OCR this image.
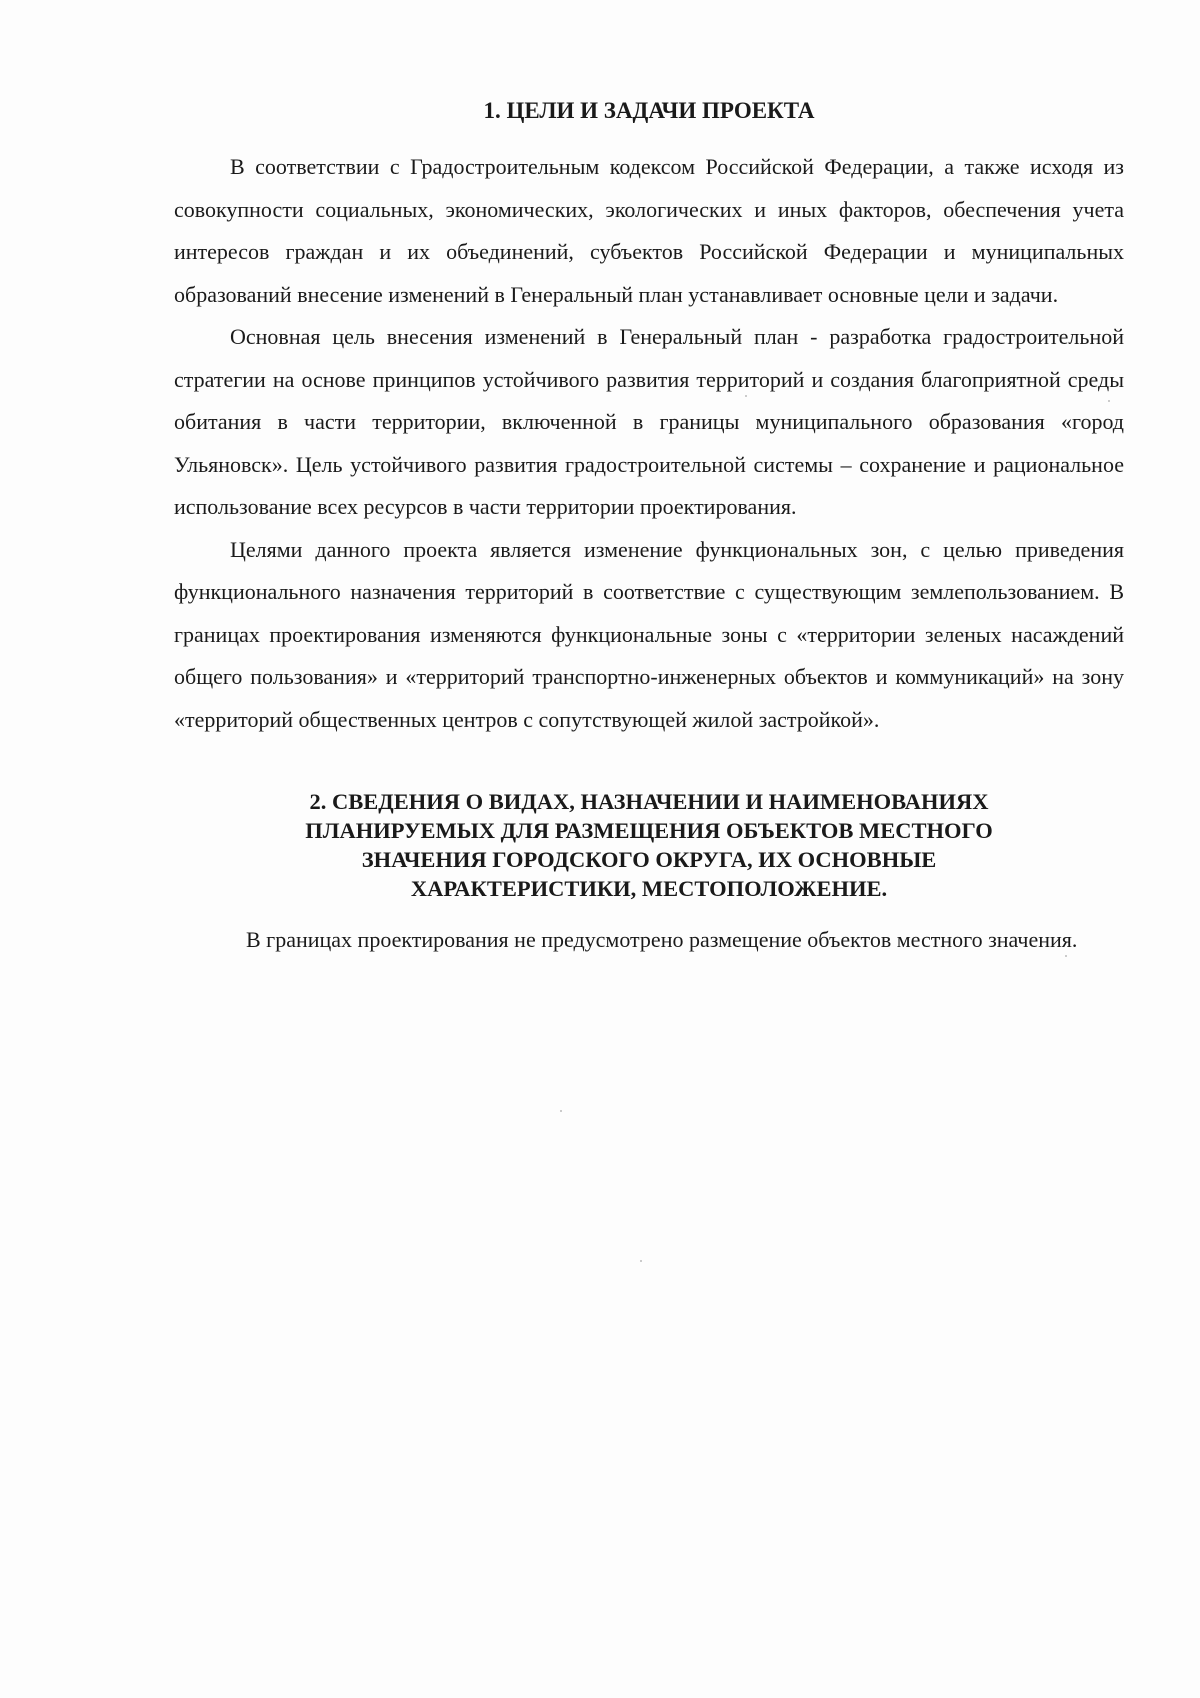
1. ЦЕЛИ И ЗАДАЧИ ПРОЕКТА

В соответствии с Градостроительным кодексом Российской Федерации, а также исходя из совокупности социальных, экономических, экологических и иных факторов, обеспечения учета интересов граждан и их объединений, субъектов Российской Федерации и муниципальных образований внесение изменений в Генеральный план устанавливает основные цели и задачи.

Основная цель внесения изменений в Генеральный план - разработка градостроительной стратегии на основе принципов устойчивого развития территорий и создания благоприятной среды обитания в части территории, включенной в границы муниципального образования «город Ульяновск». Цель устойчивого развития градостроительной системы – сохранение и рациональное использование всех ресурсов в части территории проектирования.

Целями данного проекта является изменение функциональных зон, с целью приведения функционального назначения территорий в соответствие с существующим землепользованием. В границах проектирования изменяются функциональные зоны с «территории зеленых насаждений общего пользования» и «территорий транспортно-инженерных объектов и коммуникаций» на зону «территорий общественных центров с сопутствующей жилой застройкой».

2. СВЕДЕНИЯ О ВИДАХ, НАЗНАЧЕНИИ И НАИМЕНОВАНИЯХ
ПЛАНИРУЕМЫХ ДЛЯ РАЗМЕЩЕНИЯ ОБЪЕКТОВ МЕСТНОГО
ЗНАЧЕНИЯ ГОРОДСКОГО ОКРУГА, ИХ ОСНОВНЫЕ
ХАРАКТЕРИСТИКИ, МЕСТОПОЛОЖЕНИЕ.

В границах проектирования не предусмотрено размещение объектов местного значения.
